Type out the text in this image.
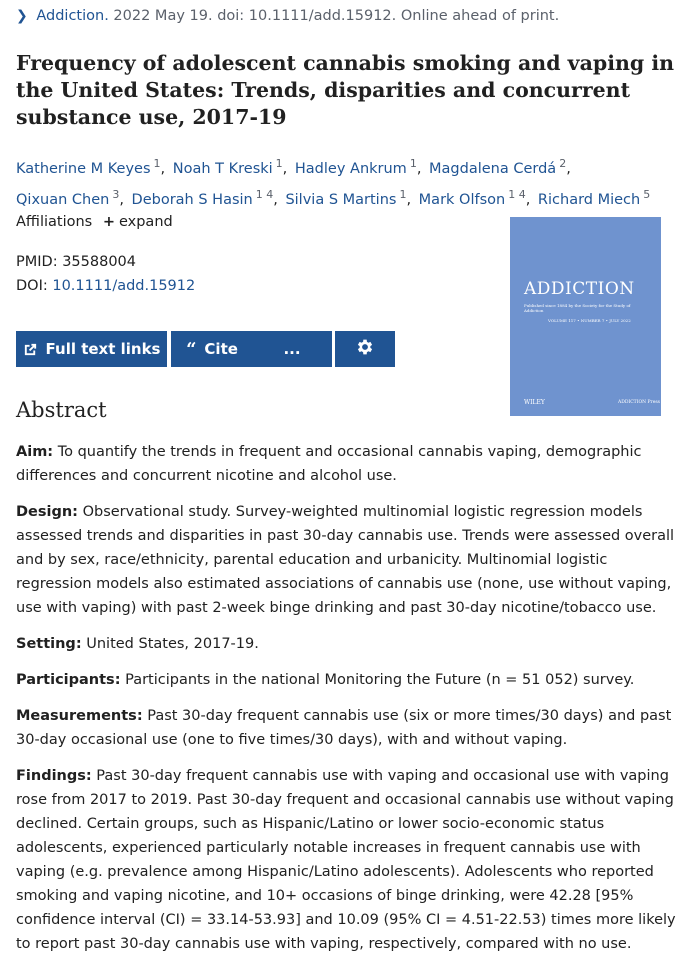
❯ Addiction. 2022 May 19. doi: 10.1111/add.15912. Online ahead of print.
Frequency of adolescent cannabis smoking and vaping in the United States: Trends, disparities and concurrent substance use, 2017-19
Katherine M Keyes $^1$, Noah T Kreski $^1$, Hadley Ankrum $^1$, Magdalena Cerdá $^2$,
Qixuan Chen $^3$, Deborah S Hasin $^{1 4}$, Silvia S Martins $^1$, Mark Olfson $^{1 4}$, Richard Miech $^5$
Affiliations + expand
PMID: 35588004
DOI: 10.1111/add.15912	ADDICTION
Published since 1884 by the Society for the Study of Addiction
VOLUME 117 • NUMBER 7 • JULY 2022
WILEY	ADDICTION Press
Full text links “ Cite	...
Abstract

Aim: To quantify the trends in frequent and occasional cannabis vaping, demographic differences and concurrent nicotine and alcohol use.

Design: Observational study. Survey-weighted multinomial logistic regression models assessed trends and disparities in past 30-day cannabis use. Trends were assessed overall and by sex, race/ethnicity, parental education and urbanicity. Multinomial logistic regression models also estimated associations of cannabis use (none, use without vaping, use with vaping) with past 2-week binge drinking and past 30-day nicotine/tobacco use.

Setting: United States, 2017-19.

Participants: Participants in the national Monitoring the Future (n = 51 052) survey.

Measurements: Past 30-day frequent cannabis use (six or more times/30 days) and past 30-day occasional use (one to five times/30 days), with and without vaping.

Findings: Past 30-day frequent cannabis use with vaping and occasional use with vaping rose from 2017 to 2019. Past 30-day frequent and occasional cannabis use without vaping declined. Certain groups, such as Hispanic/Latino or lower socio-economic status adolescents, experienced particularly notable increases in frequent cannabis use with vaping (e.g. prevalence among Hispanic/Latino adolescents). Adolescents who reported smoking and vaping nicotine, and 10+ occasions of binge drinking, were 42.28 [95% confidence interval (CI) = 33.14-53.93] and 10.09 (95% CI = 4.51-22.53) times more likely to report past 30-day cannabis use with vaping, respectively, compared with no use.
